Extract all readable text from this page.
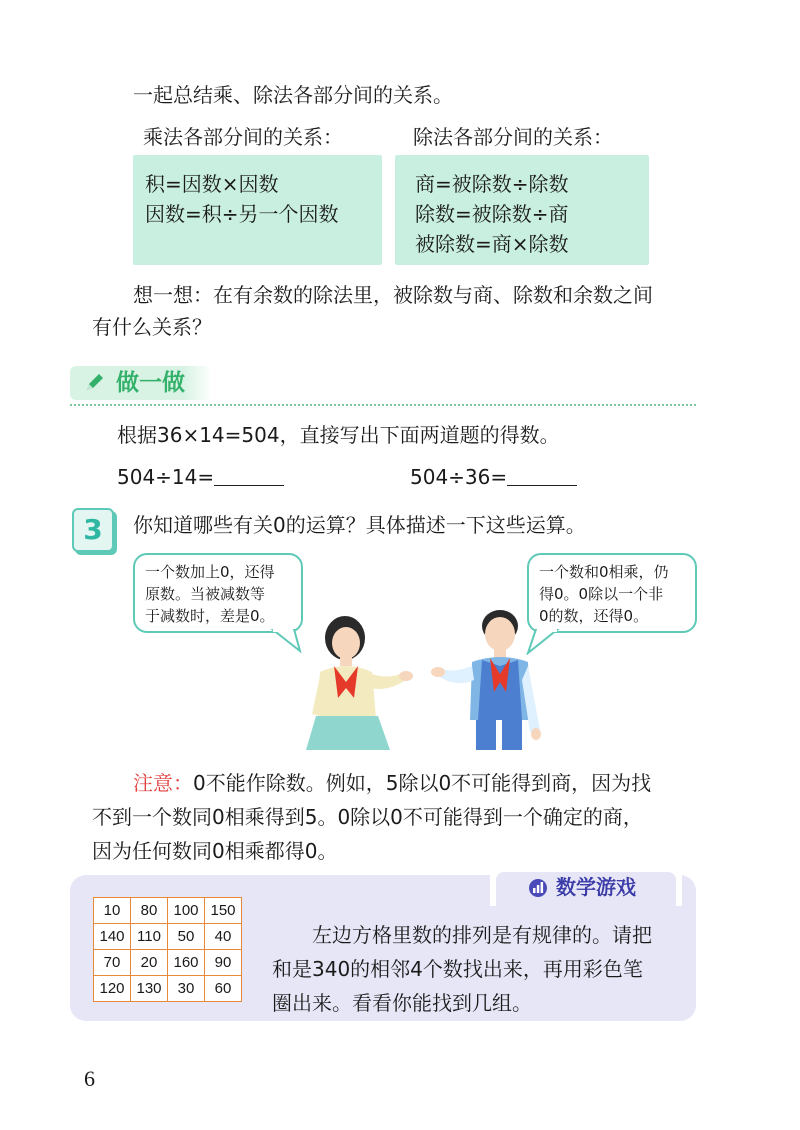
一起总结乘、除法各部分间的关系。
乘法各部分间的关系：
积=因数×因数
因数=积÷另一个因数
除法各部分间的关系：
商=被除数÷除数
除数=被除数÷商
被除数=商×除数
想一想：在有余数的除法里，被除数与商、除数和余数之间
有什么关系？
做一做
根据36×14=504，直接写出下面两道题的得数。
504÷14=	504÷36=
3	你知道哪些有关0的运算？具体描述一下这些运算。
一个数加上0，还得
原数。当被减数等
于减数时，差是0。
一个数和0相乘，仍
得0。0除以一个非
0的数，还得0。
注意：0不能作除数。例如，5除以0不可能得到商，因为找
不到一个数同0相乘得到5。0除以0不可能得到一个确定的商，
因为任何数同0相乘都得0。
数学游戏
10	80	100	150
140	110	50	40
70	20	160	90
120	130	30	60
左边方格里数的排列是有规律的。请把
和是340的相邻4个数找出来，再用彩色笔
圈出来。看看你能找到几组。
6
